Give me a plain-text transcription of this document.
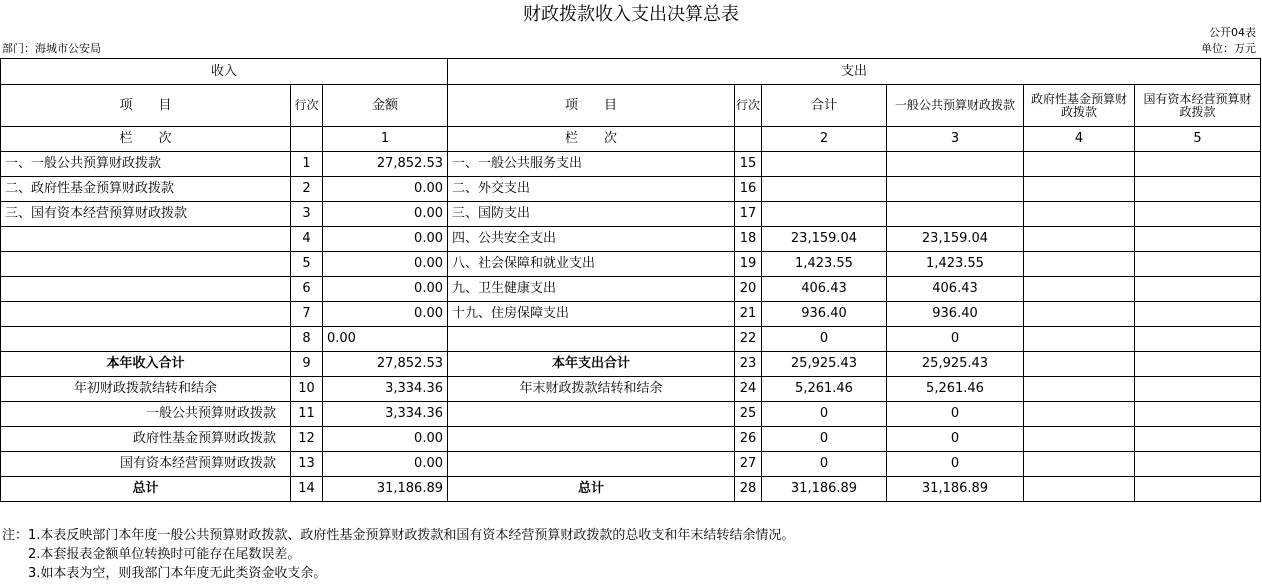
财政拨款收入支出决算总表
公开04表
部门：海城市公安局	单位：万元
收入			支出					
项　　目	行次	金额	项　　目	行次	合计	一般公共预算财政拨款	政府性基金预算财政拨款	国有资本经营预算财政拨款
栏　　次		1	栏　　次		2	3	4	5
一、一般公共预算财政拨款	1	27,852.53	一、一般公共服务支出	15				
二、政府性基金预算财政拨款	2	0.00	二、外交支出	16				
三、国有资本经营预算财政拨款	3	0.00	三、国防支出	17				
	4	0.00	四、公共安全支出	18	23,159.04	23,159.04		
	5	0.00	八、社会保障和就业支出	19	1,423.55	1,423.55		
	6	0.00	九、卫生健康支出	20	406.43	406.43		
	7	0.00	十九、住房保障支出	21	936.40	936.40		
	8	0.00		22	0	0		
本年收入合计	9	27,852.53	本年支出合计	23	25,925.43	25,925.43		
年初财政拨款结转和结余	10	3,334.36	年末财政拨款结转和结余	24	5,261.46	5,261.46		
一般公共预算财政拨款	11	3,334.36		25	0	0		
政府性基金预算财政拨款	12	0.00		26	0	0		
国有资本经营预算财政拨款	13	0.00		27	0	0		
总计	14	31,186.89	总计	28	31,186.89	31,186.89		
注：1.本表反映部门本年度一般公共预算财政拨款、政府性基金预算财政拨款和国有资本经营预算财政拨款的总收支和年末结转结余情况。
　　2.本套报表金额单位转换时可能存在尾数误差。
　　3.如本表为空，则我部门本年度无此类资金收支余。
